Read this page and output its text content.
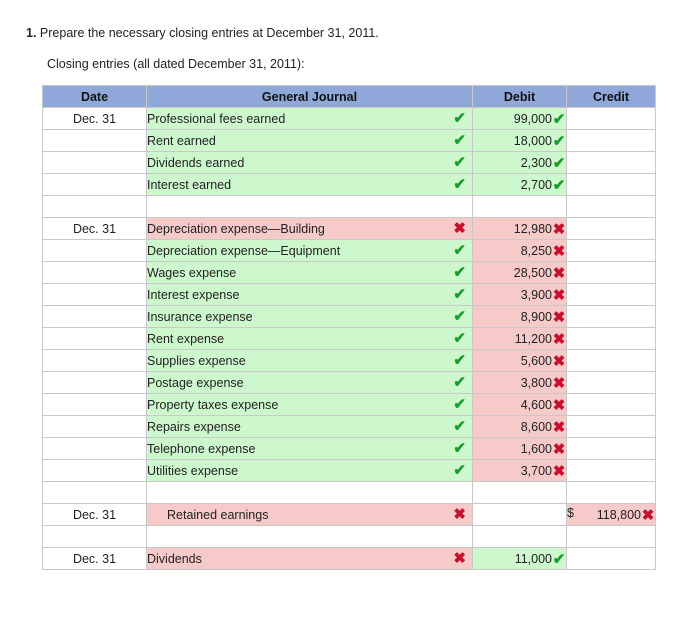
1. Prepare the necessary closing entries at December 31, 2011.
Closing entries (all dated December 31, 2011):
Date	General Journal	Debit	Credit
Dec. 31	Professional fees earned ✔	99,000✔	
	Rent earned ✔	18,000✔	
	Dividends earned ✔	2,300✔	
	Interest earned ✔	2,700✔	

Dec. 31	Depreciation expense—Building ✖	12,980✖	
	Depreciation expense—Equipment ✔	8,250✖	
	Wages expense ✔	28,500✖	
	Interest expense ✔	3,900✖	
	Insurance expense ✔	8,900✖	
	Rent expense ✔	11,200✖	
	Supplies expense ✔	5,600✖	
	Postage expense ✔	3,800✖	
	Property taxes expense ✔	4,600✖	
	Repairs expense ✔	8,600✖	
	Telephone expense ✔	1,600✖	
	Utilities expense ✔	3,700✖	

Dec. 31	Retained earnings ✖		$ 118,800✖

Dec. 31	Dividends ✖	11,000✔	
